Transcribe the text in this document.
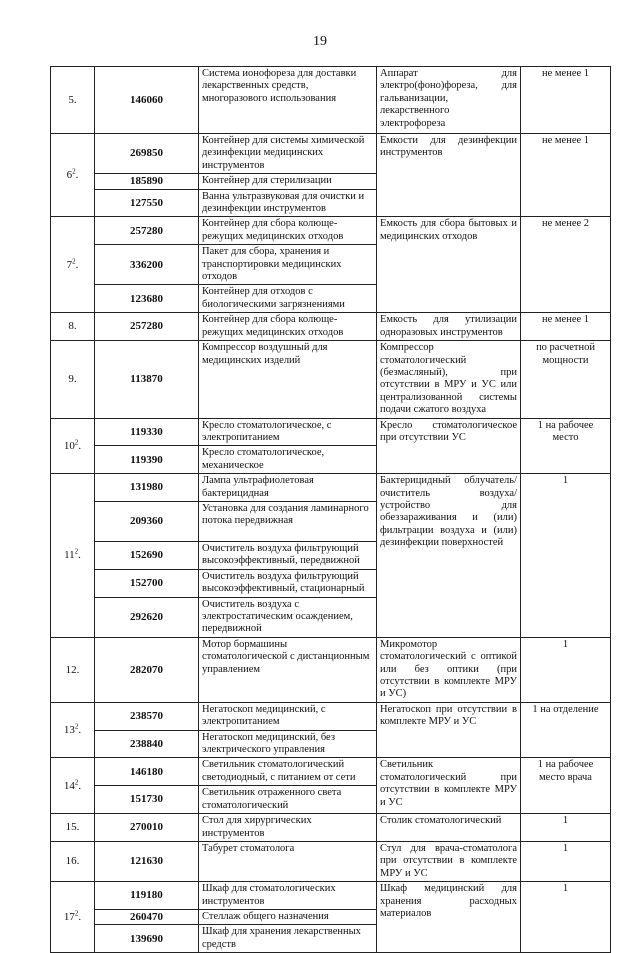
19
5.	146060	Система ионофореза для доставки лекарственных средств, многоразового использования	Аппарат для электро(фоно)фореза, для гальванизации, лекарственного электрофореза	не менее 1
$6^2$.	269850	Контейнер для системы химической дезинфекции медицинских инструментов	Емкости для дезинфекции инструментов	не менее 1
	185890	Контейнер для стерилизации		
	127550	Ванна ультразвуковая для очистки и дезинфекции инструментов		
$7^2$.	257280	Контейнер для сбора колюще-режущих медицинских отходов	Емкость для сбора бытовых и медицинских отходов	не менее 2
	336200	Пакет для сбора, хранения и транспортировки медицинских отходов		
	123680	Контейнер для отходов с биологическими загрязнениями		
8.	257280	Контейнер для сбора колюще-режущих медицинских отходов	Емкость для утилизации одноразовых инструментов	не менее 1
9.	113870	Компрессор воздушный для медицинских изделий	Компрессор стоматологический (безмасляный), при отсутствии в МРУ и УС или централизованной системы подачи сжатого воздуха	по расчетной мощности
$10^2$.	119330	Кресло стоматологическое, с электропитанием	Кресло стоматологическое при отсутствии УС	1 на рабочее место
	119390	Кресло стоматологическое, механическое		
$11^2$.	131980	Лампа ультрафиолетовая бактерицидная	Бактерицидный облучатель/очиститель воздуха/устройство для обеззараживания и (или) фильтрации воздуха и (или) дезинфекции поверхностей	1
	209360	Установка для создания ламинарного потока передвижная		
	152690	Очиститель воздуха фильтрующий высокоэффективный, передвижной		
	152700	Очиститель воздуха фильтрующий высокоэффективный, стационарный		
	292620	Очиститель воздуха с электростатическим осаждением, передвижной		
12.	282070	Мотор бормашины стоматологической с дистанционным управлением	Микромотор стоматологический с оптикой или без оптики (при отсутствии в комплекте МРУ и УС)	1
$13^2$.	238570	Негатоскоп медицинский, с электропитанием	Негатоскоп при отсутствии в комплекте МРУ и УС	1 на отделение
	238840	Негатоскоп медицинский, без электрического управления		
$14^2$.	146180	Светильник стоматологический светодиодный, с питанием от сети	Светильник стоматологический при отсутствии в комплекте МРУ и УС	1 на рабочее место врача
	151730	Светильник отраженного света стоматологический		
15.	270010	Стол для хирургических инструментов	Столик стоматологический	1
16.	121630	Табурет стоматолога	Стул для врача-стоматолога при отсутствии в комплекте МРУ и УС	1
$17^2$.	119180	Шкаф для стоматологических инструментов	Шкаф медицинский для хранения расходных материалов	1
	260470	Стеллаж общего назначения		
	139690	Шкаф для хранения лекарственных средств		
